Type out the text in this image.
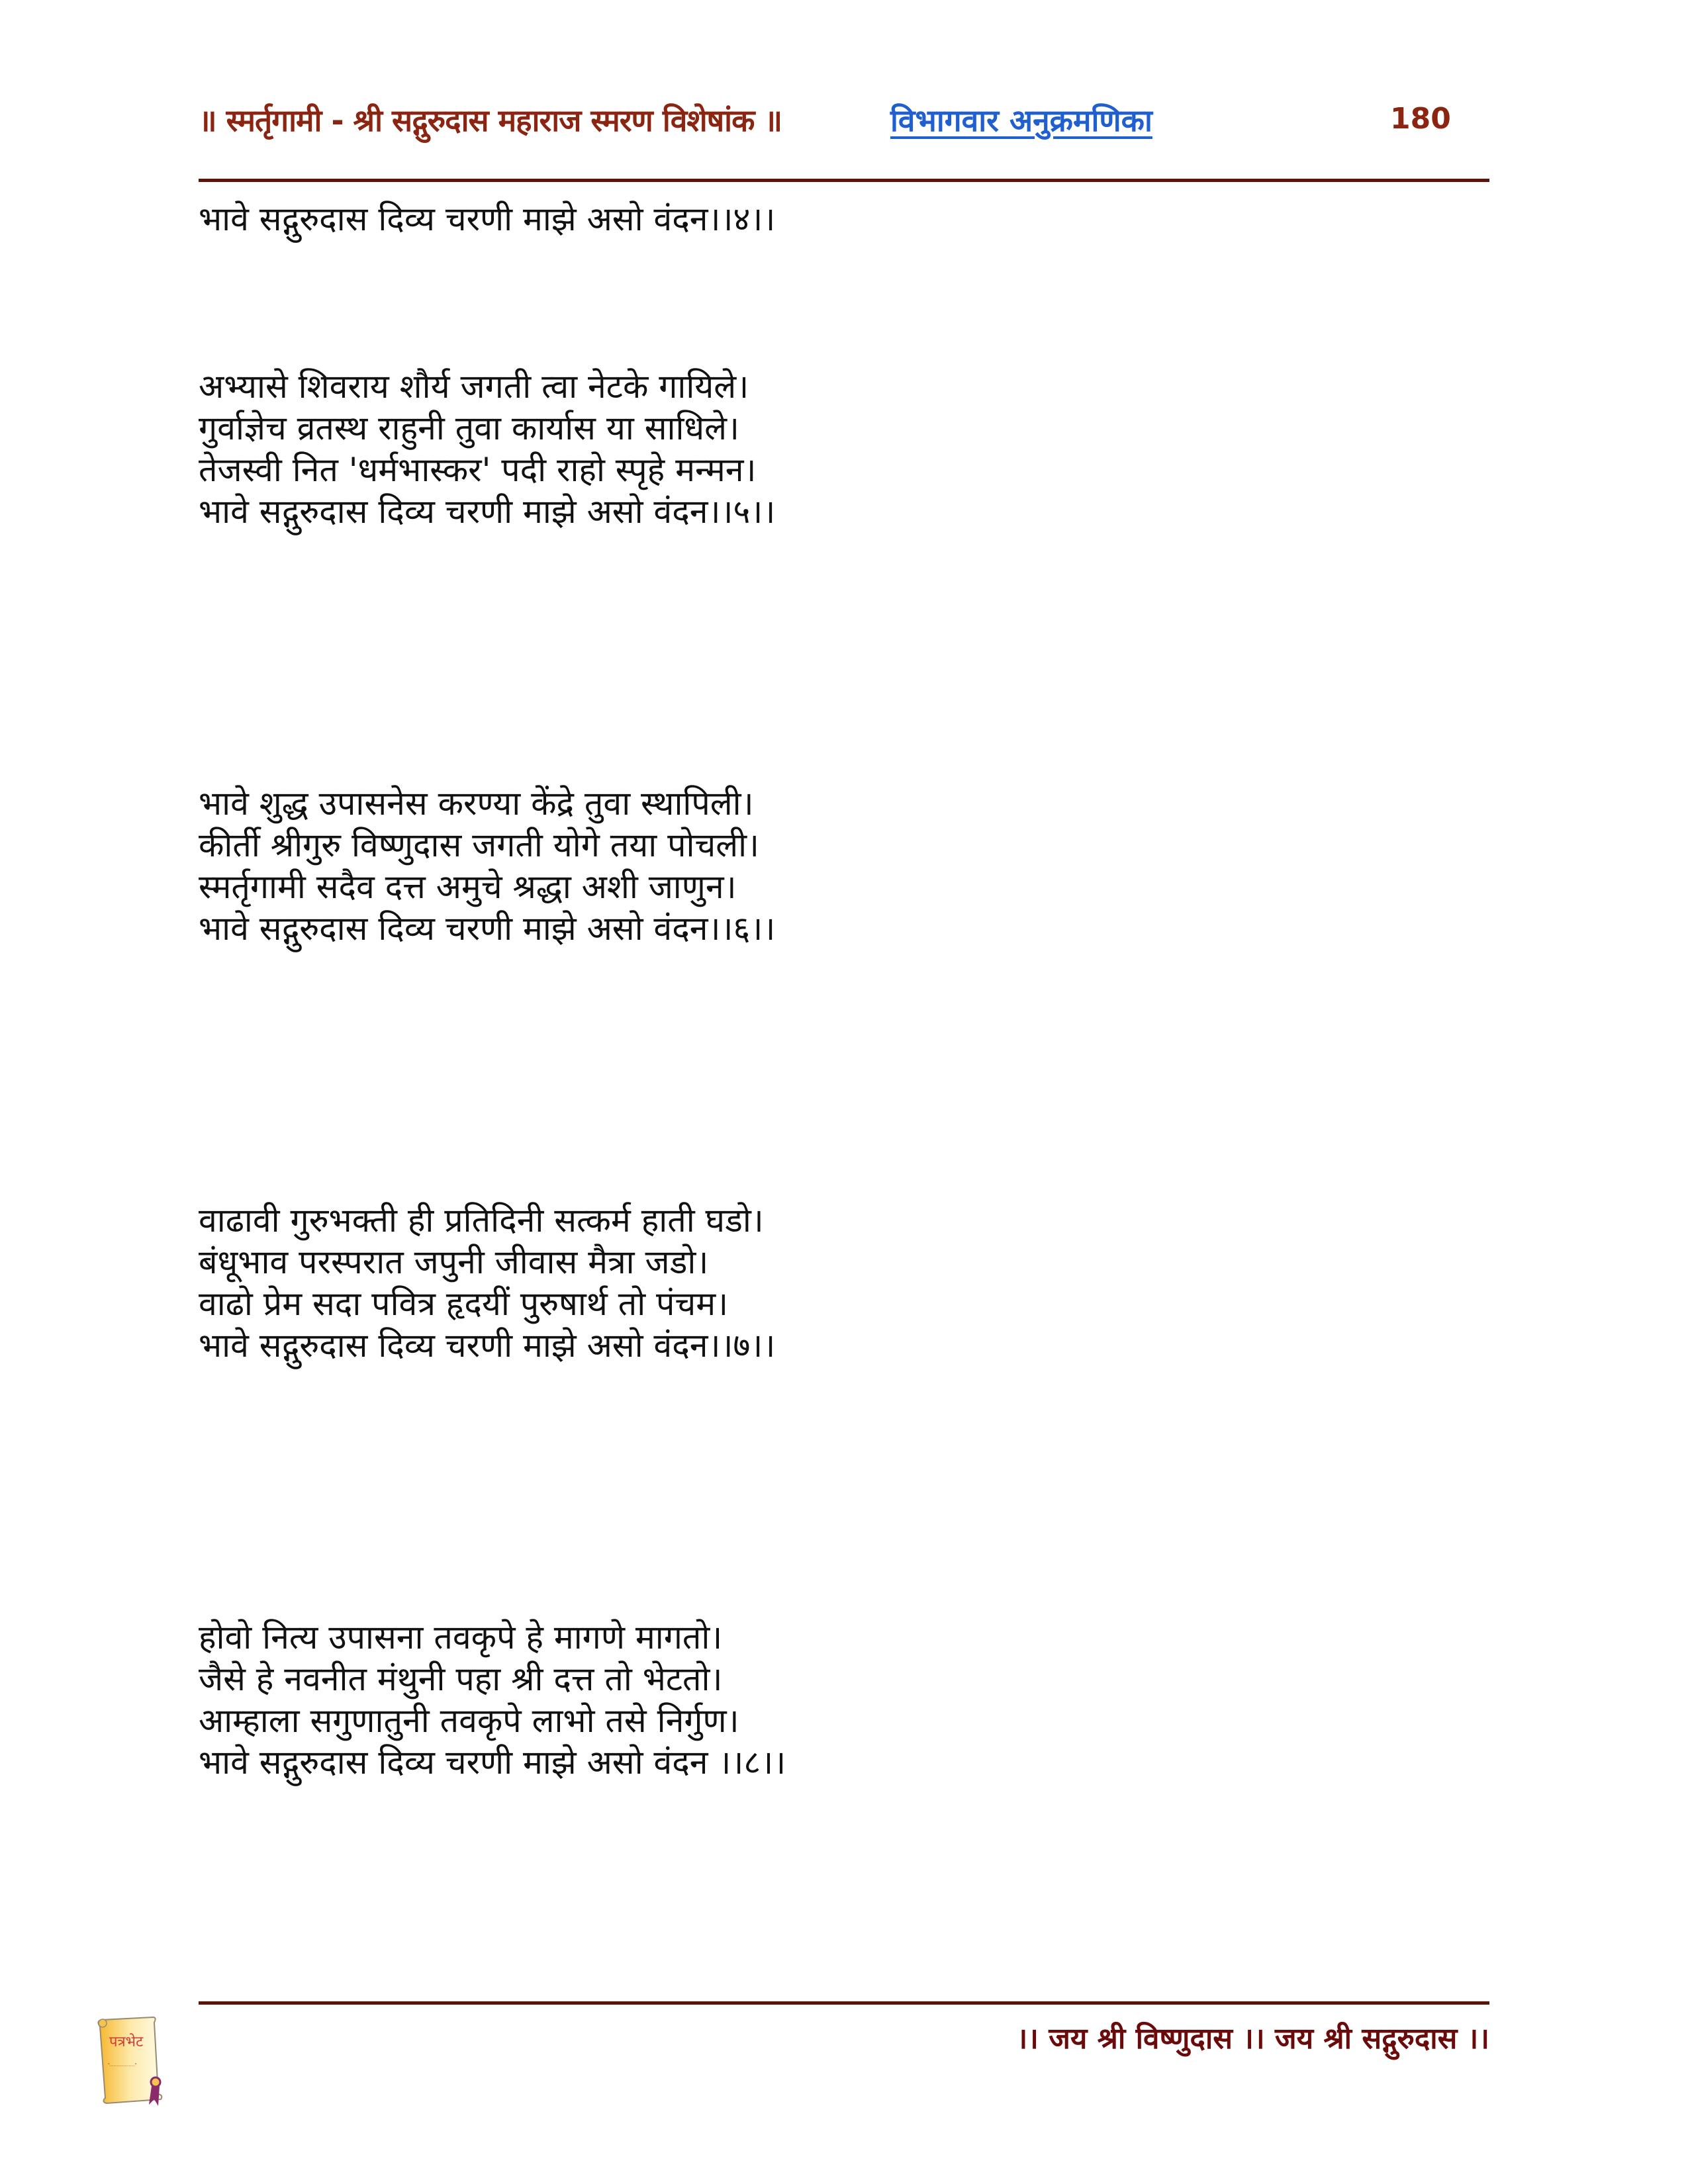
॥ स्मर्तृगामी - श्री सद्गुरुदास महाराज स्मरण विशेषांक ॥	विभागवार अनुक्रमणिका	180

भावे सद्गुरुदास दिव्य चरणी माझे असो वंदन।।४।।

अभ्यासे शिवराय शौर्य जगती त्वा नेटके गायिले।

गुर्वाज्ञेच व्रतस्थ राहुनी तुवा कार्यास या साधिले।

तेजस्वी नित 'धर्मभास्कर' पदी राहो स्पृहे मन्मन।

भावे सद्गुरुदास दिव्य चरणी माझे असो वंदन।।५।।

भावे शुद्ध उपासनेस करण्या केंद्रे तुवा स्थापिली।

कीर्ती श्रीगुरु विष्णुदास जगती योगे तया पोचली।

स्मर्तृगामी सदैव दत्त अमुचे श्रद्धा अशी जाणुन।

भावे सद्गुरुदास दिव्य चरणी माझे असो वंदन।।६।।

वाढावी गुरुभक्ती ही प्रतिदिनी सत्कर्म हाती घडो।

बंधूभाव परस्परात जपुनी जीवास मैत्रा जडो।

वाढो प्रेम सदा पवित्र हृदयीं पुरुषार्थ तो पंचम।

भावे सद्गुरुदास दिव्य चरणी माझे असो वंदन।।७।।

होवो नित्य उपासना तवकृपे हे मागणे मागतो।

जैसे हे नवनीत मंथुनी पहा श्री दत्त तो भेटतो।

आम्हाला सगुणातुनी तवकृपे लाभो तसे निर्गुण।

भावे सद्गुरुदास दिव्य चरणी माझे असो वंदन ।।८।।

पत्रभेट
"...................."
।। जय श्री विष्णुदास ।। जय श्री सद्गुरुदास ।।
